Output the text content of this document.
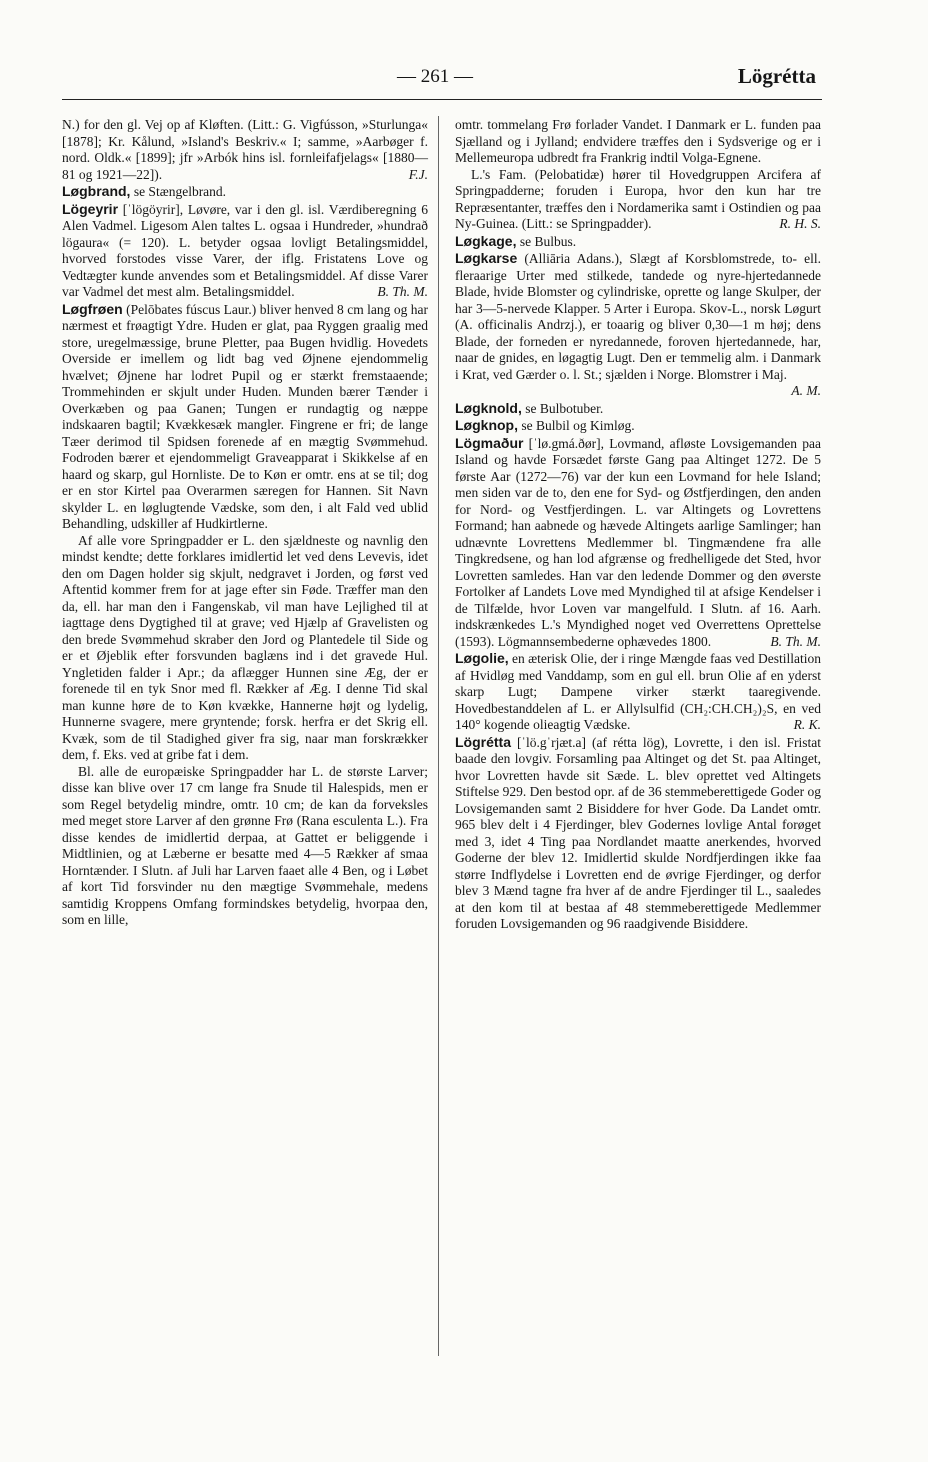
— 261 —	Lögrétta

N.) for den gl. Vej op af Kløften. (Litt.: G. Vigfússon, »Sturlunga« [1878]; Kr. Kålund, »Island's Beskriv.« I; samme, »Aarbøger f. nord. Oldk.« [1899]; jfr »Arbók hins isl. fornleifafjelags« [1880—81 og 1921—22]).	F.J.

Løgbrand, se Stængelbrand.

Lögeyrir [ˈlögöyrir], Løvøre, var i den gl. isl. Værdiberegning 6 Alen Vadmel. Ligesom Alen taltes L. ogsaa i Hundreder, »hundrað lögaura« (= 120). L. betyder ogsaa lovligt Betalingsmiddel, hvorved forstodes visse Varer, der iflg. Fristatens Love og Vedtægter kunde anvendes som et Betalingsmiddel. Af disse Varer var Vadmel det mest alm. Betalingsmiddel.	B. Th. M.

Løgfrøen (Pelōbates fúscus Laur.) bliver henved 8 cm lang og har nærmest et frøagtigt Ydre. Huden er glat, paa Ryggen graalig med store, uregelmæssige, brune Pletter, paa Bugen hvidlig. Hovedets Overside er imellem og lidt bag ved Øjnene ejendommelig hvælvet; Øjnene har lodret Pupil og er stærkt fremstaaende; Trommehinden er skjult under Huden. Munden bærer Tænder i Overkæben og paa Ganen; Tungen er rundagtig og næppe indskaaren bagtil; Kvækkesæk mangler. Fingrene er fri; de lange Tæer derimod til Spidsen forenede af en mægtig Svømmehud. Fodroden bærer et ejendommeligt Graveapparat i Skikkelse af en haard og skarp, gul Hornliste. De to Køn er omtr. ens at se til; dog er en stor Kirtel paa Overarmen særegen for Hannen. Sit Navn skylder L. en løglugtende Vædske, som den, i alt Fald ved ublid Behandling, udskiller af Hudkirtlerne.

Af alle vore Springpadder er L. den sjældneste og navnlig den mindst kendte; dette forklares imidlertid let ved dens Levevis, idet den om Dagen holder sig skjult, nedgravet i Jorden, og først ved Aftentid kommer frem for at jage efter sin Føde. Træffer man den da, ell. har man den i Fangenskab, vil man have Lejlighed til at iagttage dens Dygtighed til at grave; ved Hjælp af Gravelisten og den brede Svømmehud skraber den Jord og Plantedele til Side og er et Øjeblik efter forsvunden baglæns ind i det gravede Hul. Yngletiden falder i Apr.; da aflægger Hunnen sine Æg, der er forenede til en tyk Snor med fl. Rækker af Æg. I denne Tid skal man kunne høre de to Køn kvække, Hannerne højt og lydelig, Hunnerne svagere, mere gryntende; forsk. herfra er det Skrig ell. Kvæk, som de til Stadighed giver fra sig, naar man forskrækker dem, f. Eks. ved at gribe fat i dem.

Bl. alle de europæiske Springpadder har L. de største Larver; disse kan blive over 17 cm lange fra Snude til Halespids, men er som Regel betydelig mindre, omtr. 10 cm; de kan da forveksles med meget store Larver af den grønne Frø (Rana esculenta L.). Fra disse kendes de imidlertid derpaa, at Gattet er beliggende i Midtlinien, og at Læberne er besatte med 4—5 Rækker af smaa Horntænder. I Slutn. af Juli har Larven faaet alle 4 Ben, og i Løbet af kort Tid forsvinder nu den mægtige Svømmehale, medens samtidig Kroppens Omfang formindskes betydelig, hvorpaa den, som en lille,

omtr. tommelang Frø forlader Vandet. I Danmark er L. funden paa Sjælland og i Jylland; endvidere træffes den i Sydsverige og er i Mellemeuropa udbredt fra Frankrig indtil Volga-Egnene.

L.'s Fam. (Pelobatidæ) hører til Hovedgruppen Arcifera af Springpadderne; foruden i Europa, hvor den kun har tre Repræsentanter, træffes den i Nordamerika samt i Ostindien og paa Ny-Guinea. (Litt.: se Springpadder).	R. H. S.

Løgkage, se Bulbus.

Løgkarse (Alliāria Adans.), Slægt af Korsblomstrede, to- ell. fleraarige Urter med stilkede, tandede og nyre-hjertedannede Blade, hvide Blomster og cylindriske, oprette og lange Skulper, der har 3—5-nervede Klapper. 5 Arter i Europa. Skov-L., norsk Løgurt (A. officinalis Andrzj.), er toaarig og bliver 0,30—1 m høj; dens Blade, der forneden er nyredannede, foroven hjertedannede, har, naar de gnides, en løgagtig Lugt. Den er temmelig alm. i Danmark i Krat, ved Gærder o. l. St.; sjælden i Norge. Blomstrer i Maj.
A. M.

Løgknold, se Bulbotuber.

Løgknop, se Bulbil og Kimløg.

Lögmaður [ˈlø.gmá.ðør], Lovmand, afløste Lovsigemanden paa Island og havde Forsædet første Gang paa Altinget 1272. De 5 første Aar (1272—76) var der kun een Lovmand for hele Island; men siden var de to, den ene for Syd- og Østfjerdingen, den anden for Nord- og Vestfjerdingen. L. var Altingets og Lovrettens Formand; han aabnede og hævede Altingets aarlige Samlinger; han udnævnte Lovrettens Medlemmer bl. Tingmændene fra alle Tingkredsene, og han lod afgrænse og fredhelligede det Sted, hvor Lovretten samledes. Han var den ledende Dommer og den øverste Fortolker af Landets Love med Myndighed til at afsige Kendelser i de Tilfælde, hvor Loven var mangelfuld. I Slutn. af 16. Aarh. indskrænkedes L.'s Myndighed noget ved Overrettens Oprettelse (1593). Lögmannsembederne ophævedes 1800.	B. Th. M.

Løgolie, en æterisk Olie, der i ringe Mængde faas ved Destillation af Hvidløg med Vanddamp, som en gul ell. brun Olie af en yderst skarp Lugt; Dampene virker stærkt taaregivende. Hovedbestanddelen af L. er Allylsulfid (CH₂:CH.CH₂)₂S, en ved 140° kogende olieagtig Vædske.	R. K.

Lögrétta [ˈlö.gˈrjæt.a] (af rétta lög), Lovrette, i den isl. Fristat baade den lovgiv. Forsamling paa Altinget og det St. paa Altinget, hvor Lovretten havde sit Sæde. L. blev oprettet ved Altingets Stiftelse 929. Den bestod opr. af de 36 stemmeberettigede Goder og Lovsigemanden samt 2 Bisiddere for hver Gode. Da Landet omtr. 965 blev delt i 4 Fjerdinger, blev Godernes lovlige Antal forøget med 3, idet 4 Ting paa Nordlandet maatte anerkendes, hvorved Goderne der blev 12. Imidlertid skulde Nordfjerdingen ikke faa større Indflydelse i Lovretten end de øvrige Fjerdinger, og derfor blev 3 Mænd tagne fra hver af de andre Fjerdinger til L., saaledes at den kom til at bestaa af 48 stemmeberettigede Medlemmer foruden Lovsigemanden og 96 raadgivende Bisiddere.
